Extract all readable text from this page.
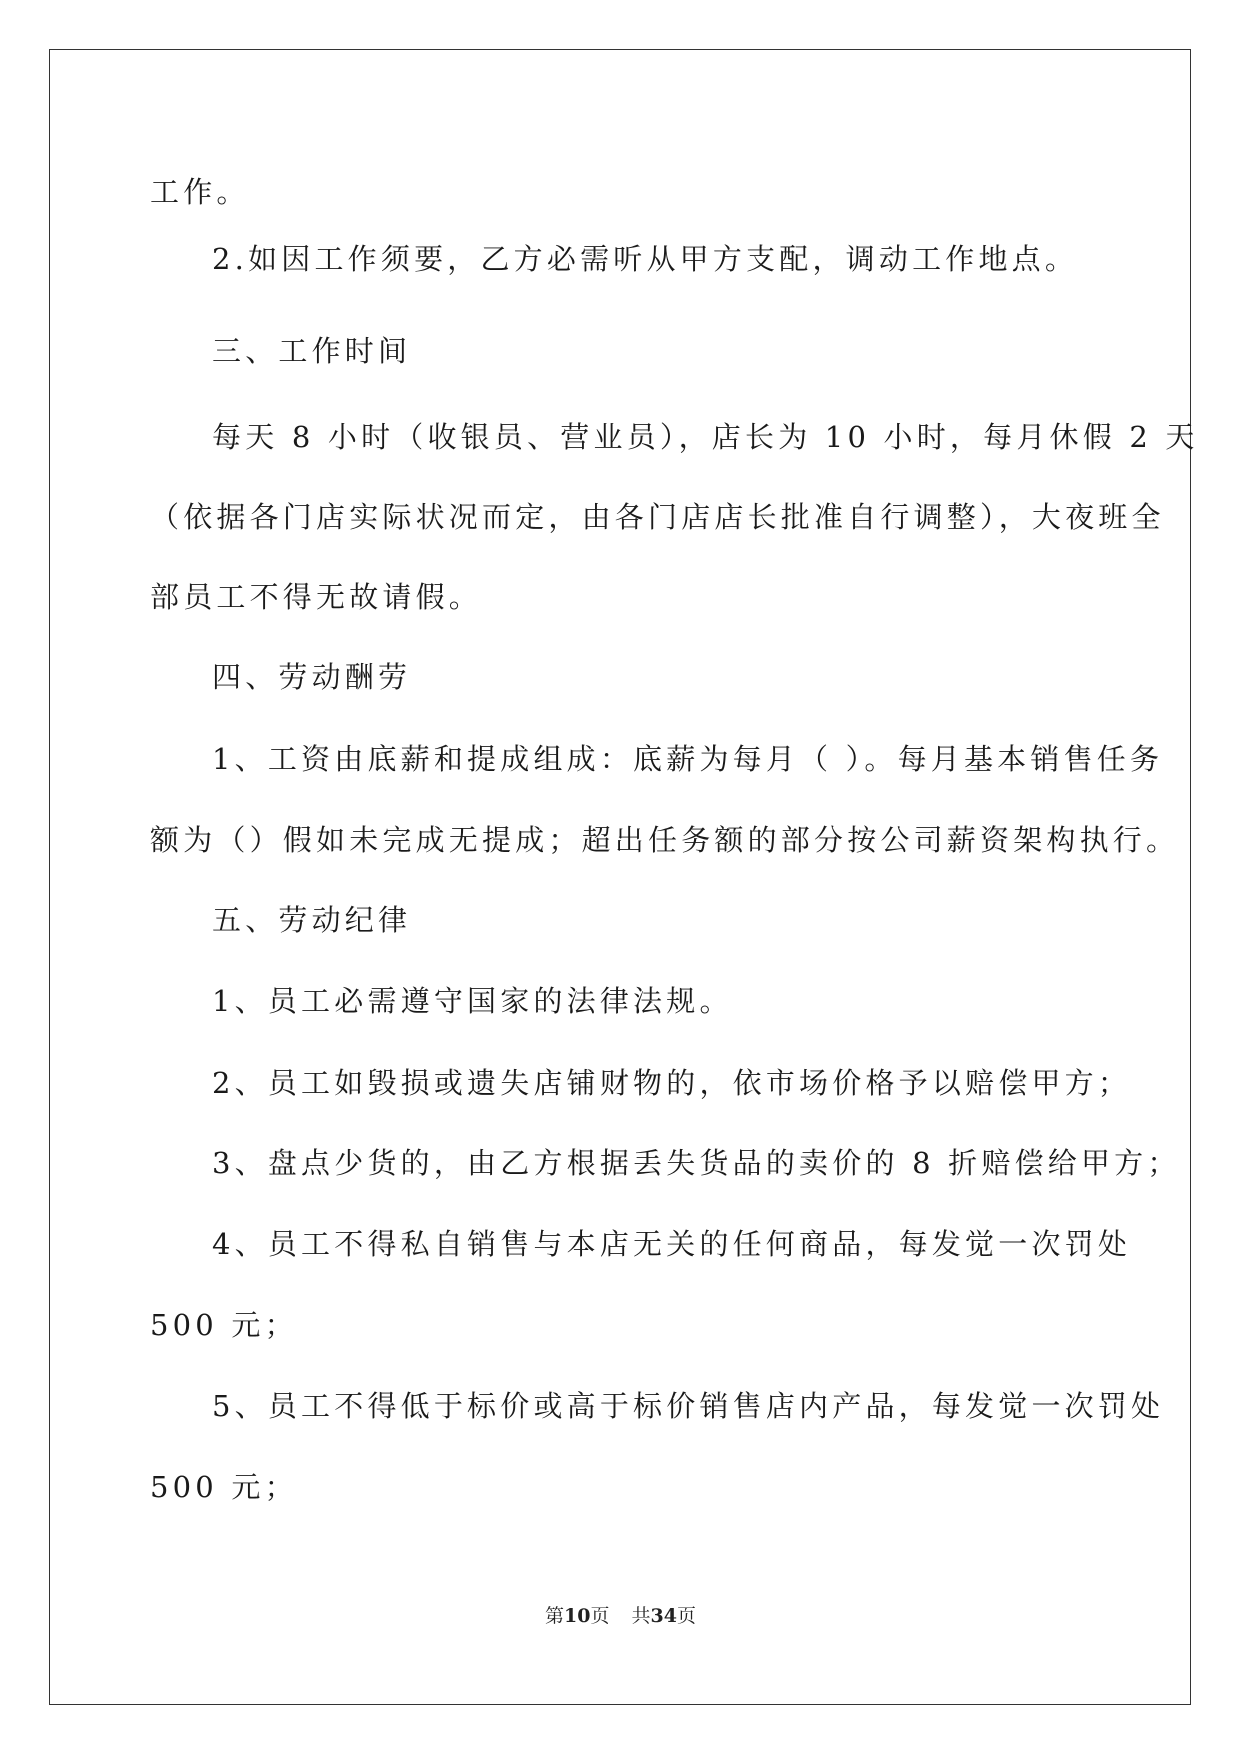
工作。
2.如因工作须要，乙方必需听从甲方支配，调动工作地点。
三、工作时间
每天 8 小时（收银员、营业员），店长为 10 小时，每月休假 2 天
（依据各门店实际状况而定，由各门店店长批准自行调整），大夜班全
部员工不得无故请假。
四、劳动酬劳
1、工资由底薪和提成组成：底薪为每月（ ）。每月基本销售任务
额为（）假如未完成无提成；超出任务额的部分按公司薪资架构执行。
五、劳动纪律
1、员工必需遵守国家的法律法规。
2、员工如毁损或遗失店铺财物的，依市场价格予以赔偿甲方；
3、盘点少货的，由乙方根据丢失货品的卖价的 8 折赔偿给甲方；
4、员工不得私自销售与本店无关的任何商品，每发觉一次罚处
500 元；
5、员工不得低于标价或高于标价销售店内产品，每发觉一次罚处
500 元；
第10页 共34页
